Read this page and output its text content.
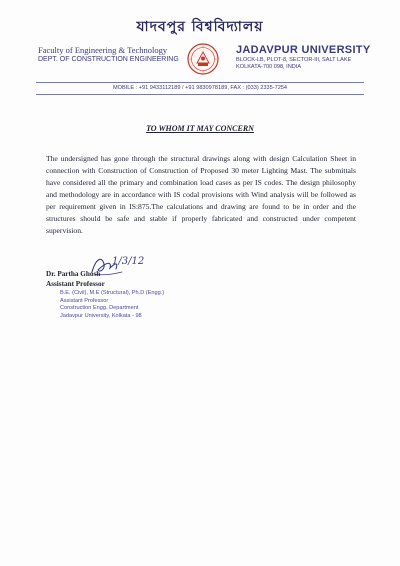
যাদবপুর বিশ্ববিদ্যালয়
Faculty of Engineering & Technology
DEPT. OF CONSTRUCTION ENGINEERING
JADAVPUR UNIVERSITY
BLOCK-LB, PLOT-8, SECTOR-III, SALT LAKE
KOLKATA-700 098, INDIA
MOBILE : +91 9433112189 / +91 9830978189, FAX : (033) 2335-7254
TO WHOM IT MAY CONCERN
The undersigned has gone through the structural drawings along with design Calculation Sheet in connection with Construction of Construction of Proposed 30 meter Lighting Mast. The submittals have considered all the primary and combination load cases as per IS codes. The design philosophy and methodology are in accordance with IS codal provisions with Wind analysis will be followed as per requirement given in IS:875.The calculations and drawing are found to be in order and the structures should be safe and stable if properly fabricated and constructed under competent supervision.
1/3/12
Dr. Partha Ghosh
Assistant Professor
B.E. (Civil), M.E (Structural), Ph.D (Engg.)
Assistant Professor
Construction Engg. Department
Jadavpur University, Kolkata - 98
